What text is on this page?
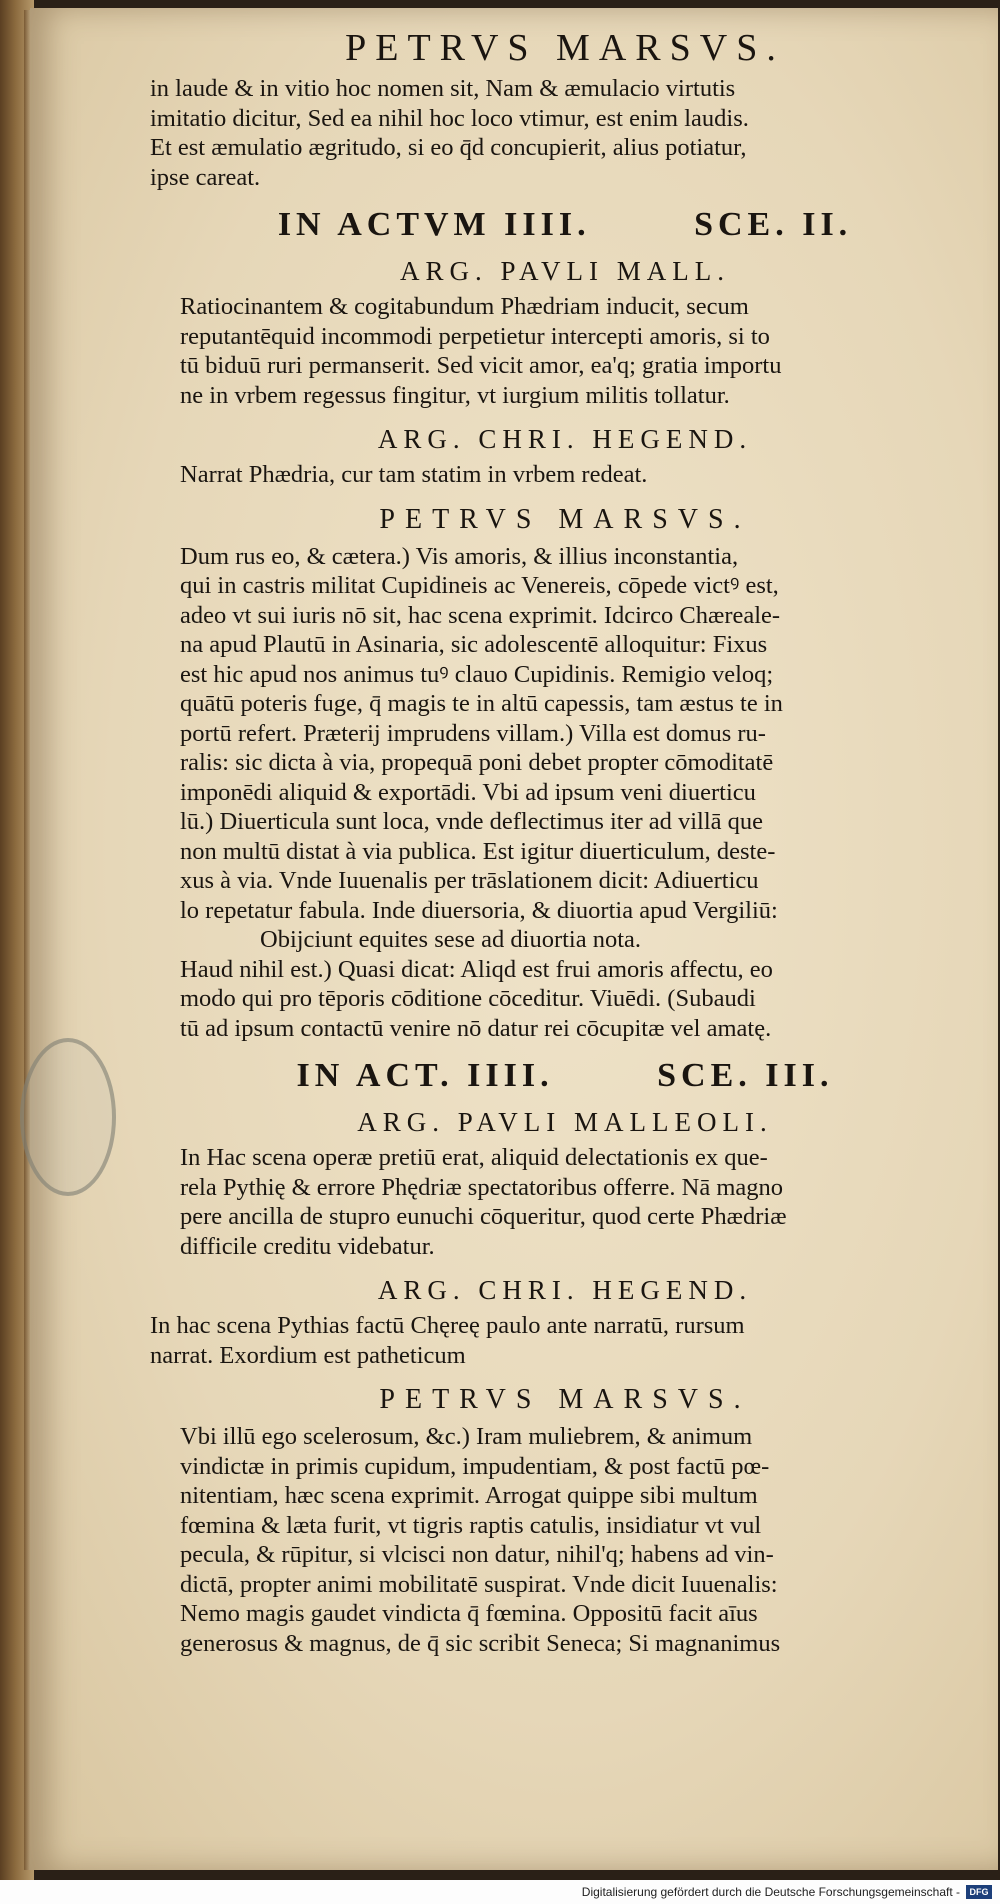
PETRVS MARSVS.

in laude & in vitio hoc nomen sit, Nam & æmulacio virtutis

imitatio dicitur, Sed ea nihil hoc loco vtimur, est enim laudis.

Et est æmulatio ægritudo, si eo q̄d concupierit, alius potiatur,

ipse careat.

IN ACTVM IIII.	SCE. II.
ARG. PAVLI MALL.

Ratiocinantem & cogitabundum Phædriam inducit, secum

reputantēquid incommodi perpetietur intercepti amoris, si to

tū biduū ruri permanserit. Sed vicit amor, ea'q; gratia importu

ne in vrbem regessus fingitur, vt iurgium militis tollatur.

ARG. CHRI. HEGEND.

Narrat Phædria, cur tam statim in vrbem redeat.

PETRVS MARSVS.

Dum rus eo, & cætera.) Vis amoris, & illius inconstantia,

qui in castris militat Cupidineis ac Venereis, cōpede victꝰ est,

adeo vt sui iuris nō sit, hac scena exprimit. Idcirco Chæreale-

na apud Plautū in Asinaria, sic adolescentē alloquitur: Fixus

est hic apud nos animus tuꝰ clauo Cupidinis. Remigio veloq;

quātū poteris fuge, q̄ magis te in altū capessis, tam æstus te in

portū refert. Præterij imprudens villam.) Villa est domus ru-

ralis: sic dicta à via, propequā poni debet propter cōmoditatē

imponēdi aliquid & exportādi. Vbi ad ipsum veni diuerticu

lū.) Diuerticula sunt loca, vnde deflectimus iter ad villā que

non multū distat à via publica. Est igitur diuerticulum, deste-

xus à via. Vnde Iuuenalis per trāslationem dicit: Adiuerticu

lo repetatur fabula. Inde diuersoria, & diuortia apud Vergiliū:

Obijciunt equites sese ad diuortia nota.

Haud nihil est.) Quasi dicat: Aliqd est frui amoris affectu, eo

modo qui pro tēporis cōditione cōceditur. Viuēdi. (Subaudi

tū ad ipsum contactū venire nō datur rei cōcupitæ vel amatę.

IN ACT. IIII.	SCE. III.
ARG. PAVLI MALLEOLI.

In Hac scena operæ pretiū erat, aliquid delectationis ex que-

rela Pythię & errore Phędriæ spectatoribus offerre. Nā magno

pere ancilla de stupro eunuchi cōqueritur, quod certe Phædriæ

difficile creditu videbatur.

ARG. CHRI. HEGEND.

In hac scena Pythias factū Chęreę paulo ante narratū, rursum

narrat. Exordium est patheticum

PETRVS MARSVS.

Vbi illū ego scelerosum, &c.) Iram muliebrem, & animum

vindictæ in primis cupidum, impudentiam, & post factū pœ-

nitentiam, hæc scena exprimit. Arrogat quippe sibi multum

fœmina & læta furit, vt tigris raptis catulis, insidiatur vt vul

pecula, & rūpitur, si vlcisci non datur, nihil'q; habens ad vin-

dictā, propter animi mobilitatē suspirat. Vnde dicit Iuuenalis:

Nemo magis gaudet vindicta q̄ fœmina. Oppositū facit aīus

generosus & magnus, de q̄ sic scribit Seneca; Si magnanimus

Digitalisierung gefördert durch die Deutsche Forschungsgemeinschaft -	DFG
